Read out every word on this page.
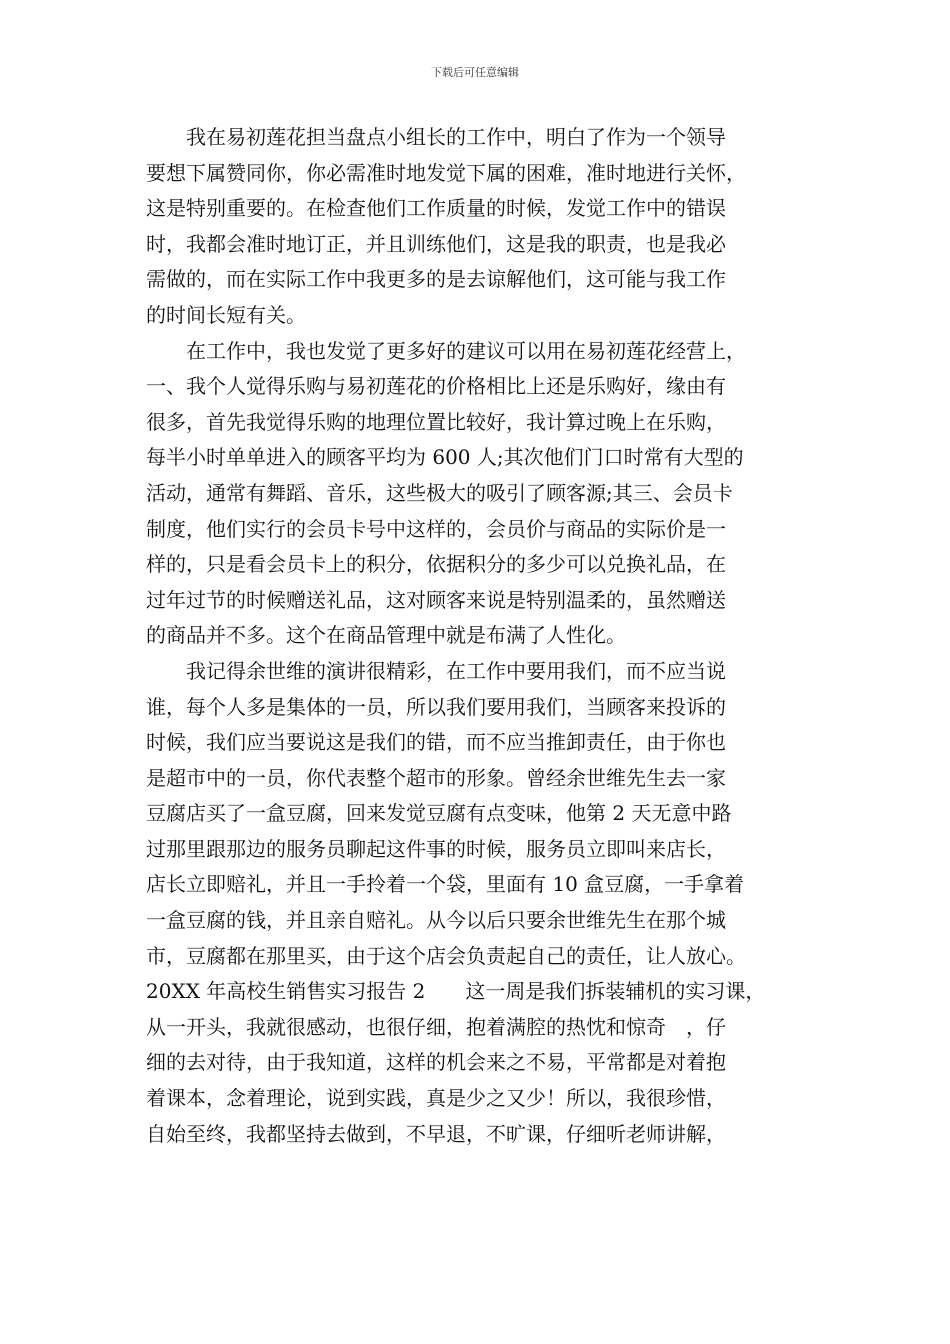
下载后可任意编辑

我在易初莲花担当盘点小组长的工作中，明白了作为一个领导
要想下属赞同你，你必需准时地发觉下属的困难，准时地进行关怀，
这是特别重要的。在检查他们工作质量的时候，发觉工作中的错误
时，我都会准时地订正，并且训练他们，这是我的职责，也是我必
需做的，而在实际工作中我更多的是去谅解他们，这可能与我工作
的时间长短有关。

在工作中，我也发觉了更多好的建议可以用在易初莲花经营上，
一、我个人觉得乐购与易初莲花的价格相比上还是乐购好，缘由有
很多，首先我觉得乐购的地理位置比较好，我计算过晚上在乐购，
每半小时单单进入的顾客平均为 600 人;其次他们门口时常有大型的
活动，通常有舞蹈、音乐，这些极大的吸引了顾客源;其三、会员卡
制度，他们实行的会员卡号中这样的，会员价与商品的实际价是一
样的，只是看会员卡上的积分，依据积分的多少可以兑换礼品，在
过年过节的时候赠送礼品，这对顾客来说是特别温柔的，虽然赠送
的商品并不多。这个在商品管理中就是布满了人性化。

我记得余世维的演讲很精彩，在工作中要用我们，而不应当说
谁，每个人多是集体的一员，所以我们要用我们，当顾客来投诉的
时候，我们应当要说这是我们的错，而不应当推卸责任，由于你也
是超市中的一员，你代表整个超市的形象。曾经余世维先生去一家
豆腐店买了一盒豆腐，回来发觉豆腐有点变味，他第 2 天无意中路
过那里跟那边的服务员聊起这件事的时候，服务员立即叫来店长，
店长立即赔礼，并且一手拎着一个袋，里面有 10 盒豆腐，一手拿着
一盒豆腐的钱，并且亲自赔礼。从今以后只要余世维先生在那个城
市，豆腐都在那里买，由于这个店会负责起自己的责任，让人放心。

20XX 年高校生销售实习报告 2　　这一周是我们拆装辅机的实习课，
从一开头，我就很感动，也很仔细，抱着满腔的热忱和惊奇　，仔
细的去对待，由于我知道，这样的机会来之不易，平常都是对着抱
着课本，念着理论，说到实践，真是少之又少！所以，我很珍惜，
自始至终，我都坚持去做到，不早退，不旷课，仔细听老师讲解，
